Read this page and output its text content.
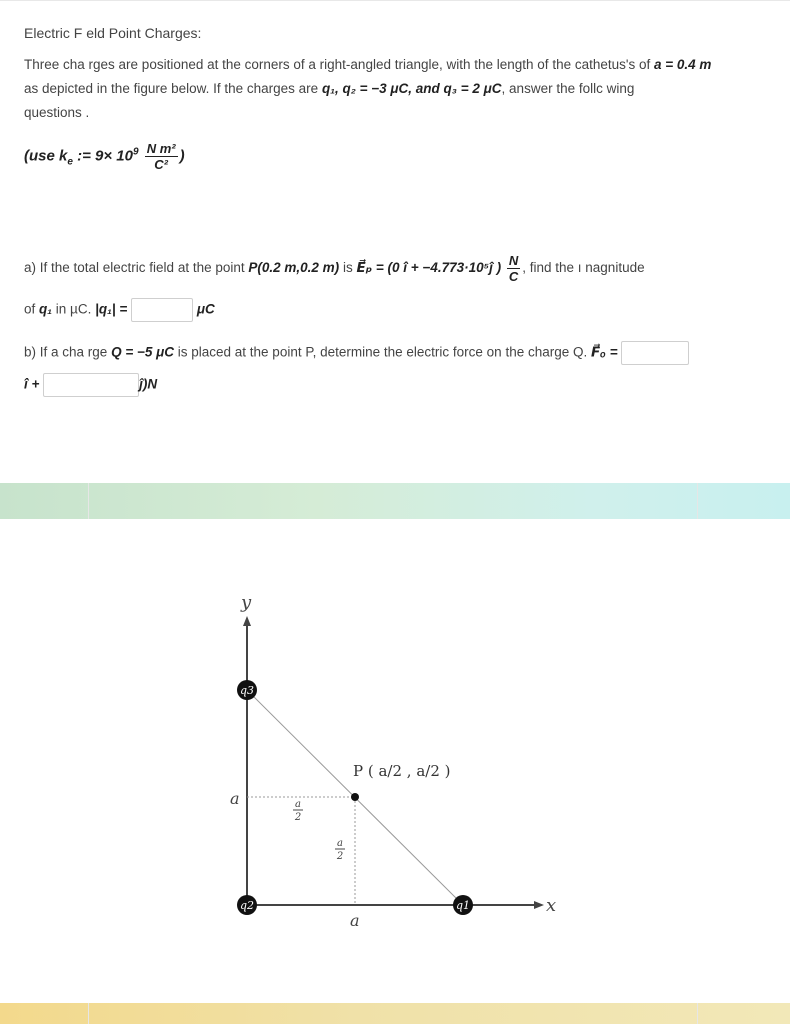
Electric F eld Point Charges:
Three cha rges are positioned at the corners of a right-angled triangle, with the length of the cathetus's of a = 0.4 m
as depicted in the figure below. If the charges are q₁, q₂ = −3 μC, and q₃ = 2 μC, answer the follc wing
questions .
(use $k_e$ := $9\times 10^9 \frac{\text{N m²}}{\text{C²}}$ )
a) If the total electric field at the point P(0.2 m,0.2 m) is E⃗ₚ = (0 î + −4.773·10⁵ĵ ) $\frac{N}{C}$ , find the ı nagnitude
of q₁ in µC. |q₁| =	μC
b) If a cha rge Q = −5 μC is placed at the point P, determine the electric force on the charge Q. F⃗ₒ =
î +	ĵ)N
q3
q2	q1
y
x
a
a
a
2
a
2
P ( a/2 , a/2 )
